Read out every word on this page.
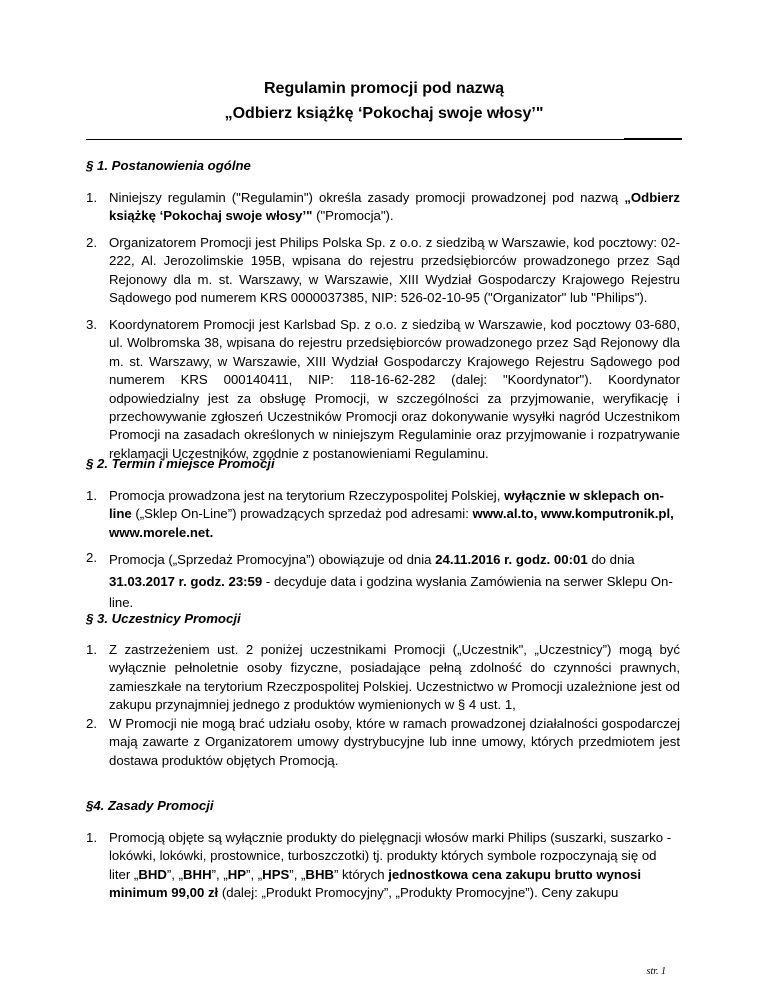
Regulamin promocji pod nazwą
„Odbierz książkę ‘Pokochaj swoje włosy’"
§ 1. Postanowienia ogólne
1. Niniejszy regulamin ("Regulamin") określa zasady promocji prowadzonej pod nazwą „Odbierz książkę ‘Pokochaj swoje włosy’" ("Promocja").
2. Organizatorem Promocji jest Philips Polska Sp. z o.o. z siedzibą w Warszawie, kod pocztowy: 02-222, Al. Jerozolimskie 195B, wpisana do rejestru przedsiębiorców prowadzonego przez Sąd Rejonowy dla m. st. Warszawy, w Warszawie, XIII Wydział Gospodarczy Krajowego Rejestru Sądowego pod numerem KRS 0000037385, NIP: 526-02-10-95 ("Organizator" lub "Philips").
3. Koordynatorem Promocji jest Karlsbad Sp. z o.o. z siedzibą w Warszawie, kod pocztowy 03-680, ul. Wolbromska 38, wpisana do rejestru przedsiębiorców prowadzonego przez Sąd Rejonowy dla m. st. Warszawy, w Warszawie, XIII Wydział Gospodarczy Krajowego Rejestru Sądowego pod numerem KRS 000140411, NIP: 118-16-62-282 (dalej: "Koordynator"). Koordynator odpowiedzialny jest za obsługę Promocji, w szczególności za przyjmowanie, weryfikację i przechowywanie zgłoszeń Uczestników Promocji oraz dokonywanie wysyłki nagród Uczestnikom Promocji na zasadach określonych w niniejszym Regulaminie oraz przyjmowanie i rozpatrywanie reklamacji Uczestników, zgodnie z postanowieniami Regulaminu.
§ 2. Termin i miejsce Promocji
1. Promocja prowadzona jest na terytorium Rzeczypospolitej Polskiej, wyłącznie w sklepach on-line („Sklep On-Line”) prowadzących sprzedaż pod adresami: www.al.to, www.komputronik.pl, www.morele.net.
2. Promocja („Sprzedaż Promocyjna”) obowiązuje od dnia 24.11.2016 r. godz. 00:01 do dnia 31.03.2017 r. godz. 23:59 - decyduje data i godzina wysłania Zamówienia na serwer Sklepu On-line.
§ 3. Uczestnicy Promocji
1. Z zastrzeżeniem ust. 2 poniżej uczestnikami Promocji („Uczestnik", „Uczestnicy”) mogą być wyłącznie pełnoletnie osoby fizyczne, posiadające pełną zdolność do czynności prawnych, zamieszkałe na terytorium Rzeczpospolitej Polskiej. Uczestnictwo w Promocji uzależnione jest od zakupu przynajmniej jednego z produktów wymienionych w § 4 ust. 1,
2. W Promocji nie mogą brać udziału osoby, które w ramach prowadzonej działalności gospodarczej mają zawarte z Organizatorem umowy dystrybucyjne lub inne umowy, których przedmiotem jest dostawa produktów objętych Promocją.
§4. Zasady Promocji
1. Promocją objęte są wyłącznie produkty do pielęgnacji włosów marki Philips (suszarki, suszarko - lokówki, lokówki, prostownice, turboszczotki) tj. produkty których symbole rozpoczynają się od liter „BHD”, „BHH”, „HP”, „HPS”, „BHB” których jednostkowa cena zakupu brutto wynosi minimum 99,00 zł (dalej: „Produkt Promocyjny”, „Produkty Promocyjne”). Ceny zakupu
str. 1
